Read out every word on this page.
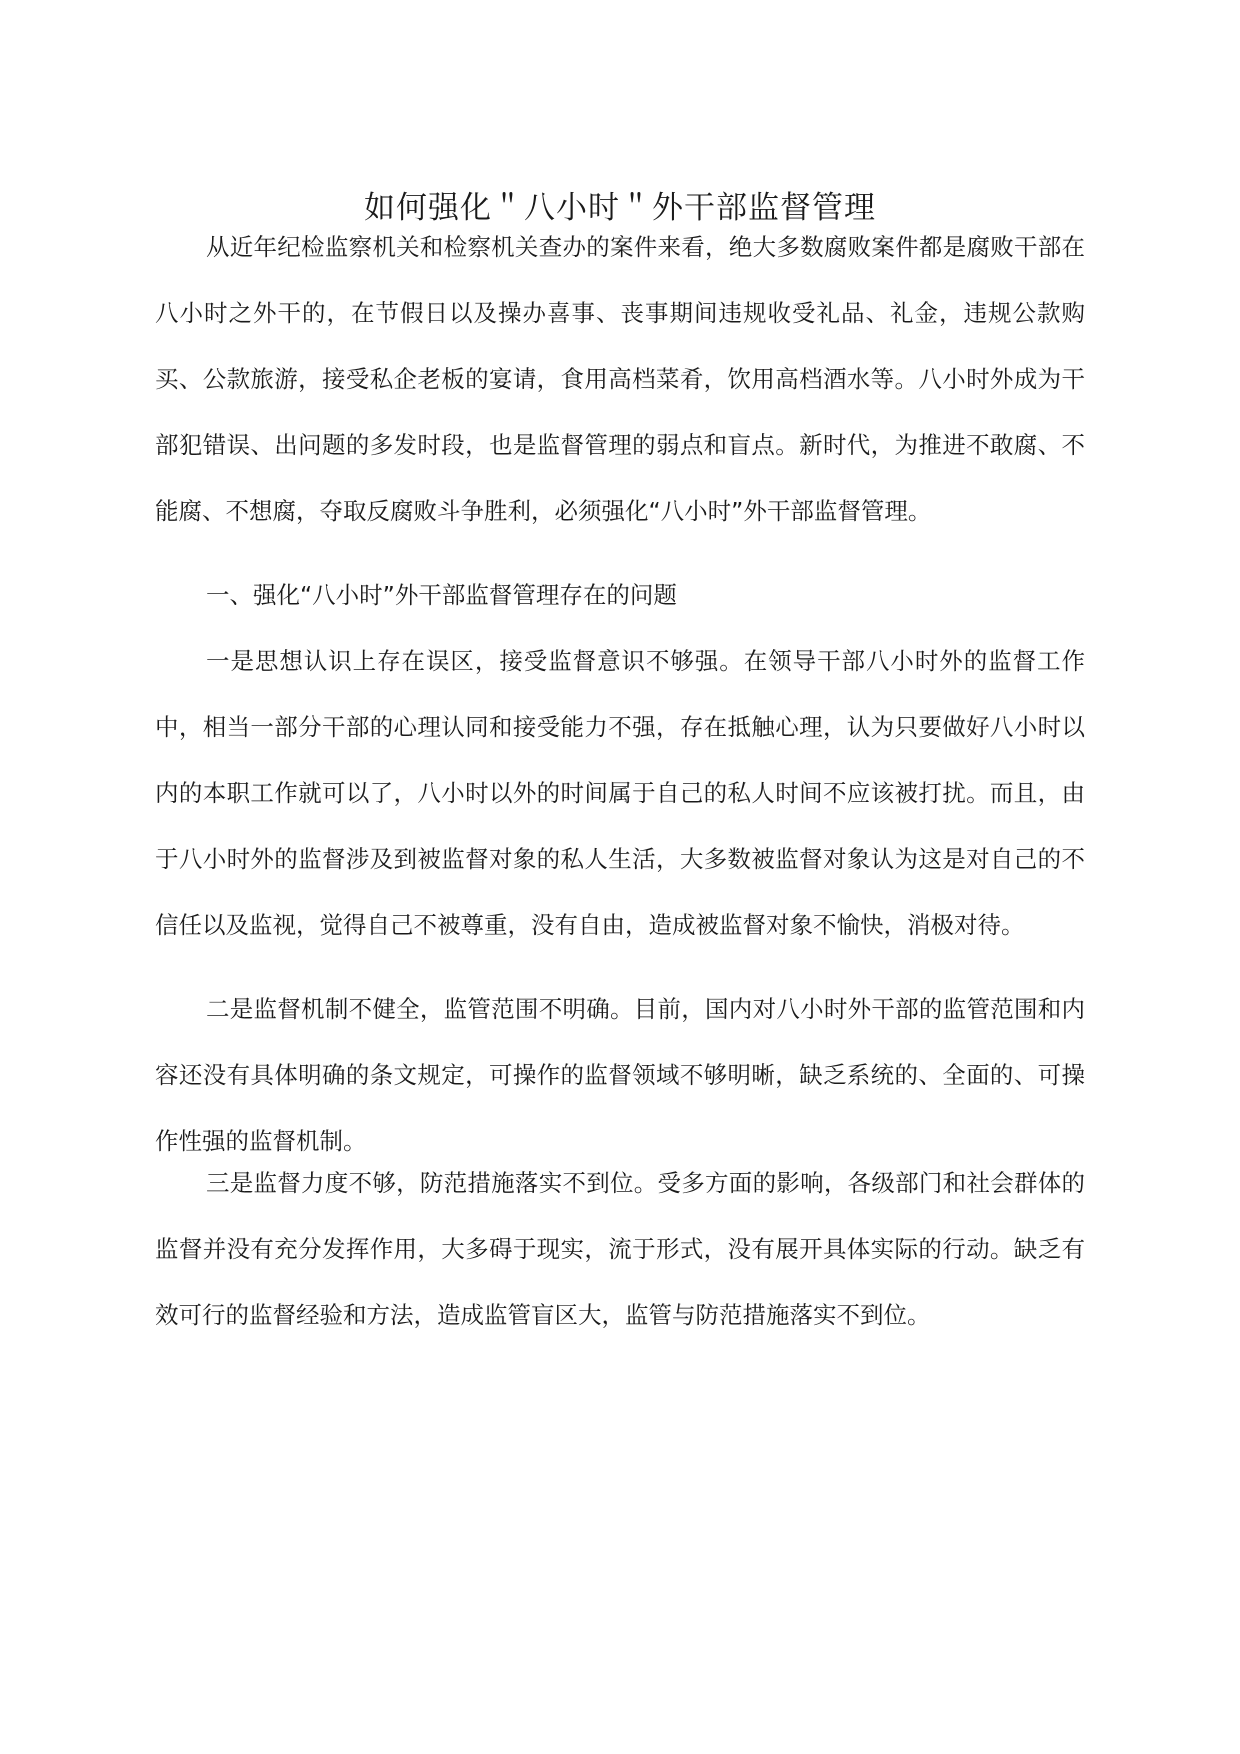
如何强化＂八小时＂外干部监督管理

从近年纪检监察机关和检察机关查办的案件来看，绝大多数腐败案件都是腐败干部在八小时之外干的，在节假日以及操办喜事、丧事期间违规收受礼品、礼金，违规公款购买、公款旅游，接受私企老板的宴请，食用高档菜肴，饮用高档酒水等。八小时外成为干部犯错误、出问题的多发时段，也是监督管理的弱点和盲点。新时代，为推进不敢腐、不能腐、不想腐，夺取反腐败斗争胜利，必须强化“八小时”外干部监督管理。

一、强化“八小时”外干部监督管理存在的问题

一是思想认识上存在误区，接受监督意识不够强。在领导干部八小时外的监督工作中，相当一部分干部的心理认同和接受能力不强，存在抵触心理，认为只要做好八小时以内的本职工作就可以了，八小时以外的时间属于自己的私人时间不应该被打扰。而且，由于八小时外的监督涉及到被监督对象的私人生活，大多数被监督对象认为这是对自己的不信任以及监视，觉得自己不被尊重，没有自由，造成被监督对象不愉快，消极对待。

二是监督机制不健全，监管范围不明确。目前，国内对八小时外干部的监管范围和内容还没有具体明确的条文规定，可操作的监督领域不够明晰，缺乏系统的、全面的、可操作性强的监督机制。

三是监督力度不够，防范措施落实不到位。受多方面的影响，各级部门和社会群体的监督并没有充分发挥作用，大多碍于现实，流于形式，没有展开具体实际的行动。缺乏有效可行的监督经验和方法，造成监管盲区大，监管与防范措施落实不到位。
